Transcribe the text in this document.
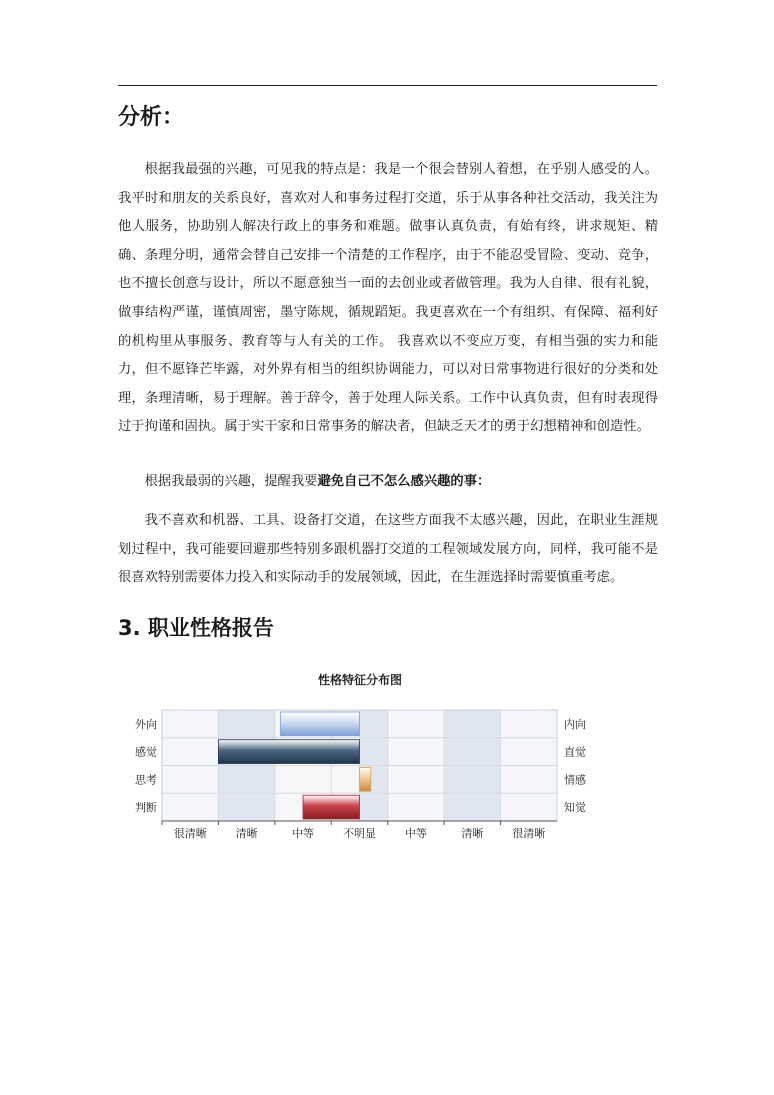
分析：

根据我最强的兴趣，可见我的特点是：我是一个很会替别人着想，在乎别人感受的人。我平时和朋友的关系良好，喜欢对人和事务过程打交道，乐于从事各种社交活动，我关注为他人服务，协助别人解决行政上的事务和难题。做事认真负责，有始有终，讲求规矩、精确、条理分明，通常会替自己安排一个清楚的工作程序，由于不能忍受冒险、变动、竞争，也不擅长创意与设计，所以不愿意独当一面的去创业或者做管理。我为人自律、很有礼貌，做事结构严谨，谨慎周密，墨守陈规，循规蹈矩。我更喜欢在一个有组织、有保障、福利好的机构里从事服务、教育等与人有关的工作。 我喜欢以不变应万变，有相当强的实力和能力，但不愿锋芒毕露，对外界有相当的组织协调能力，可以对日常事物进行很好的分类和处理，条理清晰，易于理解。善于辞令，善于处理人际关系。工作中认真负责，但有时表现得过于拘谨和固执。属于实干家和日常事务的解决者，但缺乏天才的勇于幻想精神和创造性。

根据我最弱的兴趣，提醒我要避免自己不怎么感兴趣的事：

我不喜欢和机器、工具、设备打交道，在这些方面我不太感兴趣，因此，在职业生涯规划过程中，我可能要回避那些特别多跟机器打交道的工程领域发展方向，同样，我可能不是很喜欢特别需要体力投入和实际动手的发展领域，因此，在生涯选择时需要慎重考虑。

3. 职业性格报告
性格特征分布图
外向
感觉
思考
判断
内向
直觉
情感
知觉
很清晰	清晰	中等	不明显	中等	清晰	很清晰
